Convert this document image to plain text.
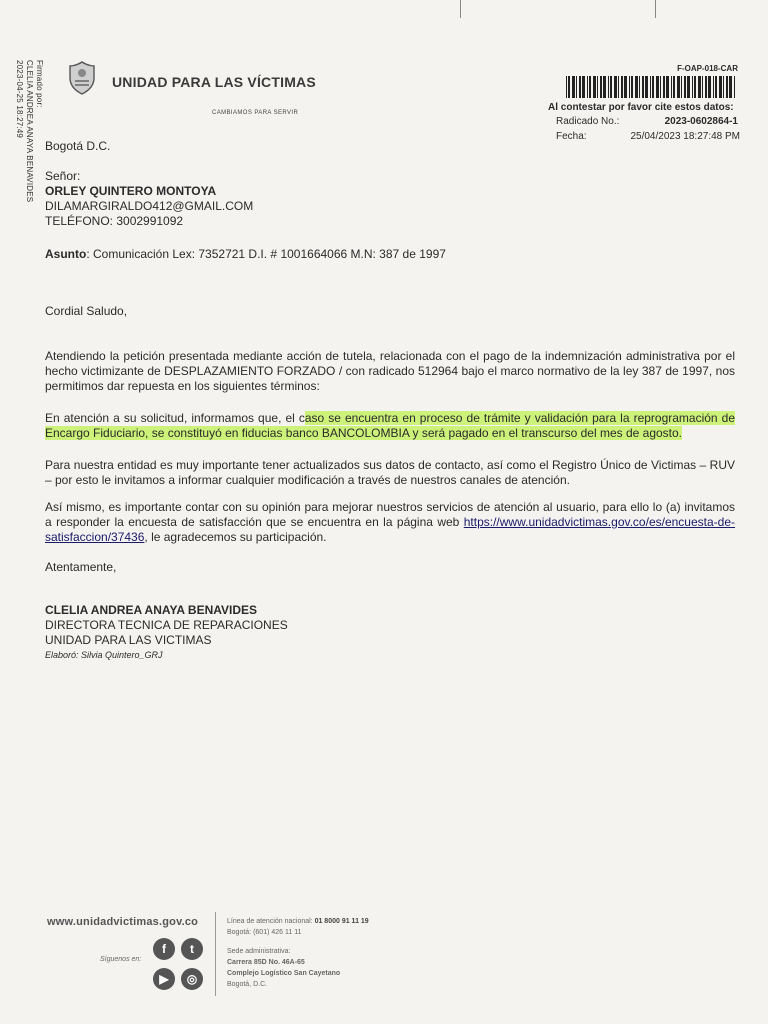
Firmado por:
CLELIA ANDREA ANAYA BENAVIDES
2023-04-25 18:27:49	UNIDAD PARA LAS VÍCTIMAS
CAMBIAMOS PARA SERVIR
F-OAP-018-CAR
Al contestar por favor cite estos datos:
Radicado No.:	2023-0602864-1
Fecha:	25/04/2023 18:27:48 PM
Bogotá D.C.
Señor:
ORLEY QUINTERO MONTOYA
DILAMARGIRALDO412@GMAIL.COM
TELÉFONO: 3002991092
Asunto: Comunicación Lex: 7352721 D.I. # 1001664066 M.N: 387 de 1997
Cordial Saludo,
Atendiendo la petición presentada mediante acción de tutela, relacionada con el pago de la indemnización administrativa por el hecho victimizante de DESPLAZAMIENTO FORZADO / con radicado 512964 bajo el marco normativo de la ley 387 de 1997, nos permitimos dar repuesta en los siguientes términos:
En atención a su solicitud, informamos que, el caso se encuentra en proceso de trámite y validación para la reprogramación de Encargo Fiduciario, se constituyó en fiducias banco BANCOLOMBIA y será pagado en el transcurso del mes de agosto.
Para nuestra entidad es muy importante tener actualizados sus datos de contacto, así como el Registro Único de Victimas – RUV – por esto le invitamos a informar cualquier modificación a través de nuestros canales de atención.
Así mismo, es importante contar con su opinión para mejorar nuestros servicios de atención al usuario, para ello lo (a) invitamos a responder la encuesta de satisfacción que se encuentra en la página web https://www.unidadvictimas.gov.co/es/encuesta-de-satisfaccion/37436, le agradecemos su participación.
Atentamente,
CLELIA ANDREA ANAYA BENAVIDES
DIRECTORA TECNICA DE REPARACIONES
UNIDAD PARA LAS VICTIMAS
Elaboró: Silvia Quintero_GRJ
www.unidadvictimas.gov.co
Síguenos en:
f	t
▶	◎
Línea de atención nacional: 01 8000 91 11 19
Bogotá: (601) 426 11 11
Sede administrativa:
Carrera 85D No. 46A-65
Complejo Logístico San Cayetano
Bogotá, D.C.
